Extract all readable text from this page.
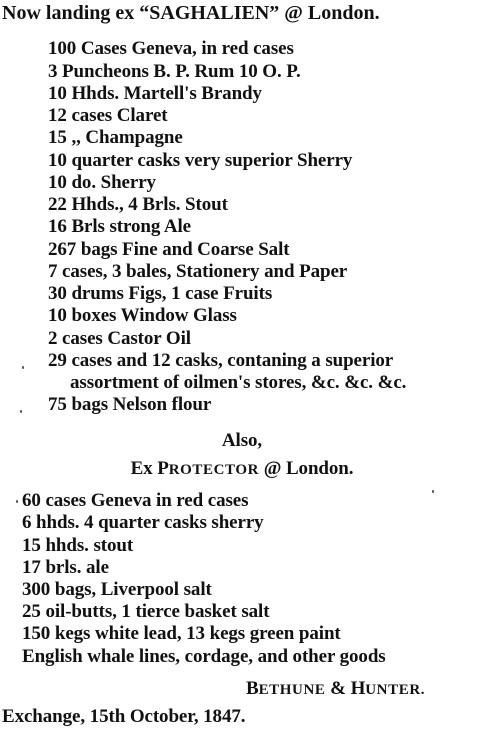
Now landing ex “SAGHALIEN” @ London.
100 Cases Geneva, in red cases
3 Puncheons B. P. Rum 10 O. P.
10 Hhds. Martell's Brandy
12 cases Claret
15 ,, Champagne
10 quarter casks very superior Sherry
10 do. Sherry
22 Hhds., 4 Brls. Stout
16 Brls strong Ale
267 bags Fine and Coarse Salt
7 cases, 3 bales, Stationery and Paper
30 drums Figs, 1 case Fruits
10 boxes Window Glass
2 cases Castor Oil
29 cases and 12 casks, contaning a superior
assortment of oilmen's stores, &c. &c. &c.
75 bags Nelson flour
Also,
Ex PROTECTOR @ London.
60 cases Geneva in red cases
6 hhds. 4 quarter casks sherry
15 hhds. stout
17 brls. ale
300 bags, Liverpool salt
25 oil-butts, 1 tierce basket salt
150 kegs white lead, 13 kegs green paint
English whale lines, cordage, and other goods
BETHUNE & HUNTER.
Exchange, 15th October, 1847.
